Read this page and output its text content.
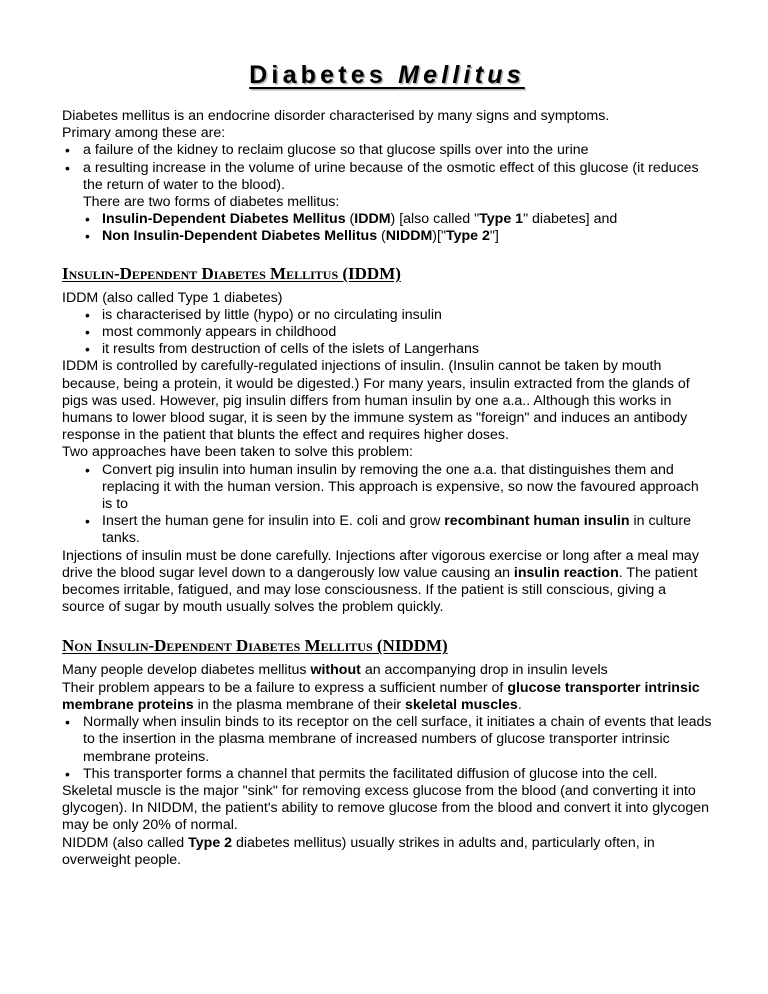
Diabetes Mellitus

Diabetes mellitus is an endocrine disorder characterised by many signs and symptoms.

Primary among these are:

• a failure of the kidney to reclaim glucose so that glucose spills over into the urine
• a resulting increase in the volume of urine because of the osmotic effect of this glucose (it reduces the return of water to the blood).

There are two forms of diabetes mellitus:

• Insulin-Dependent Diabetes Mellitus (IDDM) [also called "Type 1" diabetes] and
• Non Insulin-Dependent Diabetes Mellitus (NIDDM)["Type 2"]
Insulin-Dependent Diabetes Mellitus (IDDM)

IDDM (also called Type 1 diabetes)

• is characterised by little (hypo) or no circulating insulin
• most commonly appears in childhood
• it results from destruction of cells of the islets of Langerhans

IDDM is controlled by carefully-regulated injections of insulin. (Insulin cannot be taken by mouth because, being a protein, it would be digested.) For many years, insulin extracted from the glands of pigs was used. However, pig insulin differs from human insulin by one a.a.. Although this works in humans to lower blood sugar, it is seen by the immune system as "foreign" and induces an antibody response in the patient that blunts the effect and requires higher doses.

Two approaches have been taken to solve this problem:

• Convert pig insulin into human insulin by removing the one a.a. that distinguishes them and replacing it with the human version. This approach is expensive, so now the favoured approach is to
• Insert the human gene for insulin into E. coli and grow recombinant human insulin in culture tanks.

Injections of insulin must be done carefully. Injections after vigorous exercise or long after a meal may drive the blood sugar level down to a dangerously low value causing an insulin reaction. The patient becomes irritable, fatigued, and may lose consciousness. If the patient is still conscious, giving a source of sugar by mouth usually solves the problem quickly.

Non Insulin-Dependent Diabetes Mellitus (NIDDM)

Many people develop diabetes mellitus without an accompanying drop in insulin levels

Their problem appears to be a failure to express a sufficient number of glucose transporter intrinsic membrane proteins in the plasma membrane of their skeletal muscles.

• Normally when insulin binds to its receptor on the cell surface, it initiates a chain of events that leads to the insertion in the plasma membrane of increased numbers of glucose transporter intrinsic membrane proteins.
• This transporter forms a channel that permits the facilitated diffusion of glucose into the cell.

Skeletal muscle is the major "sink" for removing excess glucose from the blood (and converting it into glycogen). In NIDDM, the patient's ability to remove glucose from the blood and convert it into glycogen may be only 20% of normal.

NIDDM (also called Type 2 diabetes mellitus) usually strikes in adults and, particularly often, in overweight people.
